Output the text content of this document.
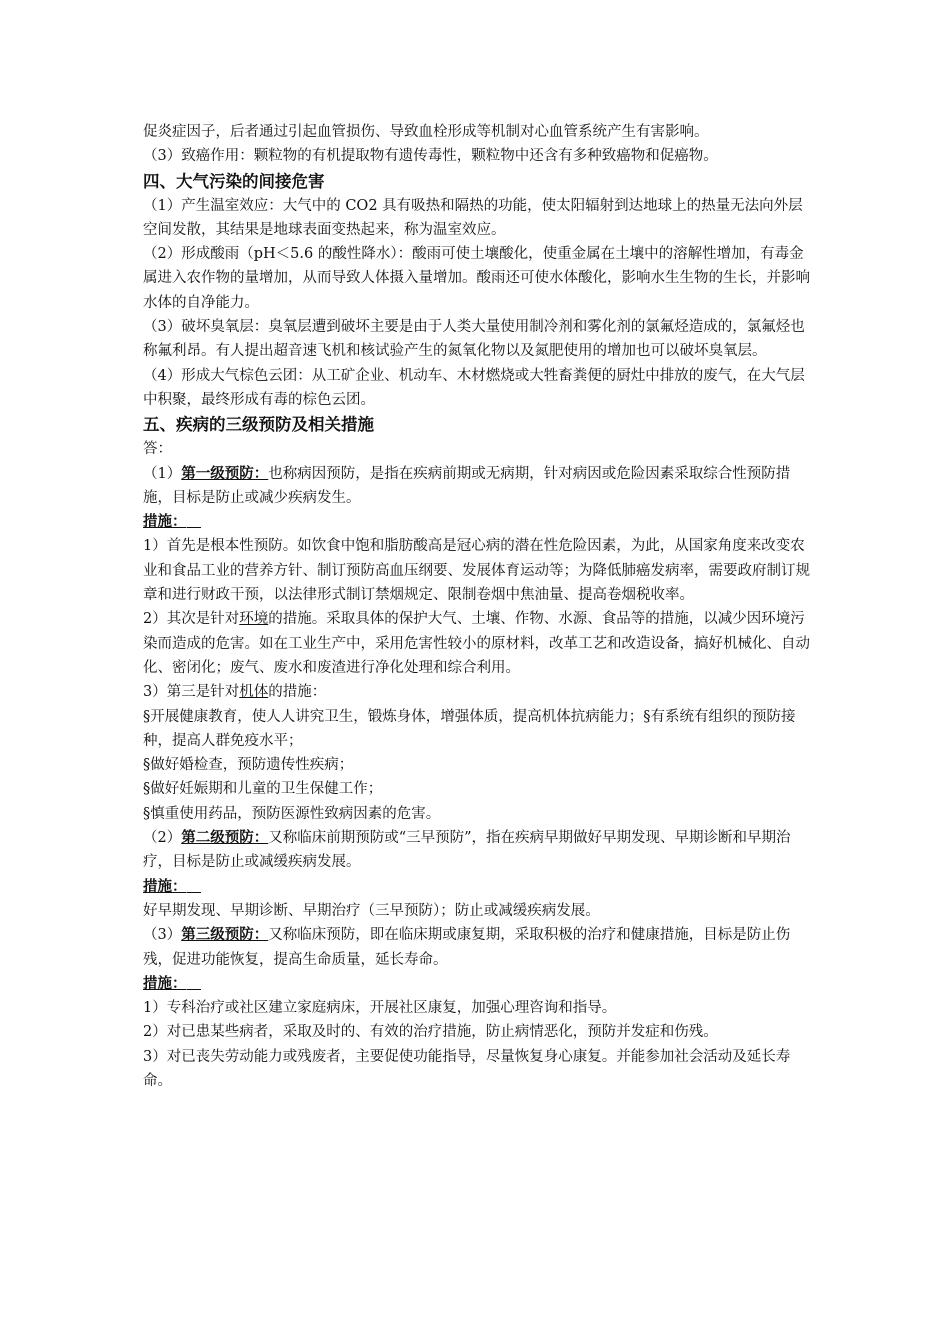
促炎症因子，后者通过引起血管损伤、导致血栓形成等机制对心血管系统产生有害影响。

（3）致癌作用：颗粒物的有机提取物有遗传毒性，颗粒物中还含有多种致癌物和促癌物。

四、大气污染的间接危害

（1）产生温室效应：大气中的 CO2 具有吸热和隔热的功能，使太阳辐射到达地球上的热量无法向外层空间发散，其结果是地球表面变热起来，称为温室效应。

（2）形成酸雨（pH＜5.6 的酸性降水）：酸雨可使土壤酸化，使重金属在土壤中的溶解性增加，有毒金属进入农作物的量增加，从而导致人体摄入量增加。酸雨还可使水体酸化，影响水生生物的生长，并影响水体的自净能力。

（3）破坏臭氧层：臭氧层遭到破坏主要是由于人类大量使用制冷剂和雾化剂的氯氟烃造成的，氯氟烃也称氟利昂。有人提出超音速飞机和核试验产生的氮氧化物以及氮肥使用的增加也可以破坏臭氧层。

（4）形成大气棕色云团：从工矿企业、机动车、木材燃烧或大牲畜粪便的厨灶中排放的废气，在大气层中积聚，最终形成有毒的棕色云团。

五、疾病的三级预防及相关措施

答：

（1）第一级预防：也称病因预防，是指在疾病前期或无病期，针对病因或危险因素采取综合性预防措施，目标是防止或减少疾病发生。

措施：

1）首先是根本性预防。如饮食中饱和脂肪酸高是冠心病的潜在性危险因素，为此，从国家角度来改变农业和食品工业的营养方针、制订预防高血压纲要、发展体育运动等；为降低肺癌发病率，需要政府制订规章和进行财政干预，以法律形式制订禁烟规定、限制卷烟中焦油量、提高卷烟税收率。

2）其次是针对环境的措施。采取具体的保护大气、土壤、作物、水源、食品等的措施，以减少因环境污染而造成的危害。如在工业生产中，采用危害性较小的原材料，改革工艺和改造设备，搞好机械化、自动化、密闭化；废气、废水和废渣进行净化处理和综合利用。

3）第三是针对机体的措施：

§开展健康教育，使人人讲究卫生，锻炼身体，增强体质，提高机体抗病能力；§有系统有组织的预防接种，提高人群免疫水平；

§做好婚检查，预防遗传性疾病；

§做好妊娠期和儿童的卫生保健工作；

§慎重使用药品，预防医源性致病因素的危害。

（2）第二级预防：又称临床前期预防或“三早预防”，指在疾病早期做好早期发现、早期诊断和早期治疗，目标是防止或减缓疾病发展。

措施：

好早期发现、早期诊断、早期治疗（三早预防）；防止或减缓疾病发展。

（3）第三级预防：又称临床预防，即在临床期或康复期，采取积极的治疗和健康措施，目标是防止伤残，促进功能恢复，提高生命质量，延长寿命。

措施：

1）专科治疗或社区建立家庭病床，开展社区康复，加强心理咨询和指导。

2）对已患某些病者，采取及时的、有效的治疗措施，防止病情恶化，预防并发症和伤残。

3）对已丧失劳动能力或残废者，主要促使功能指导，尽量恢复身心康复。并能参加社会活动及延长寿命。
